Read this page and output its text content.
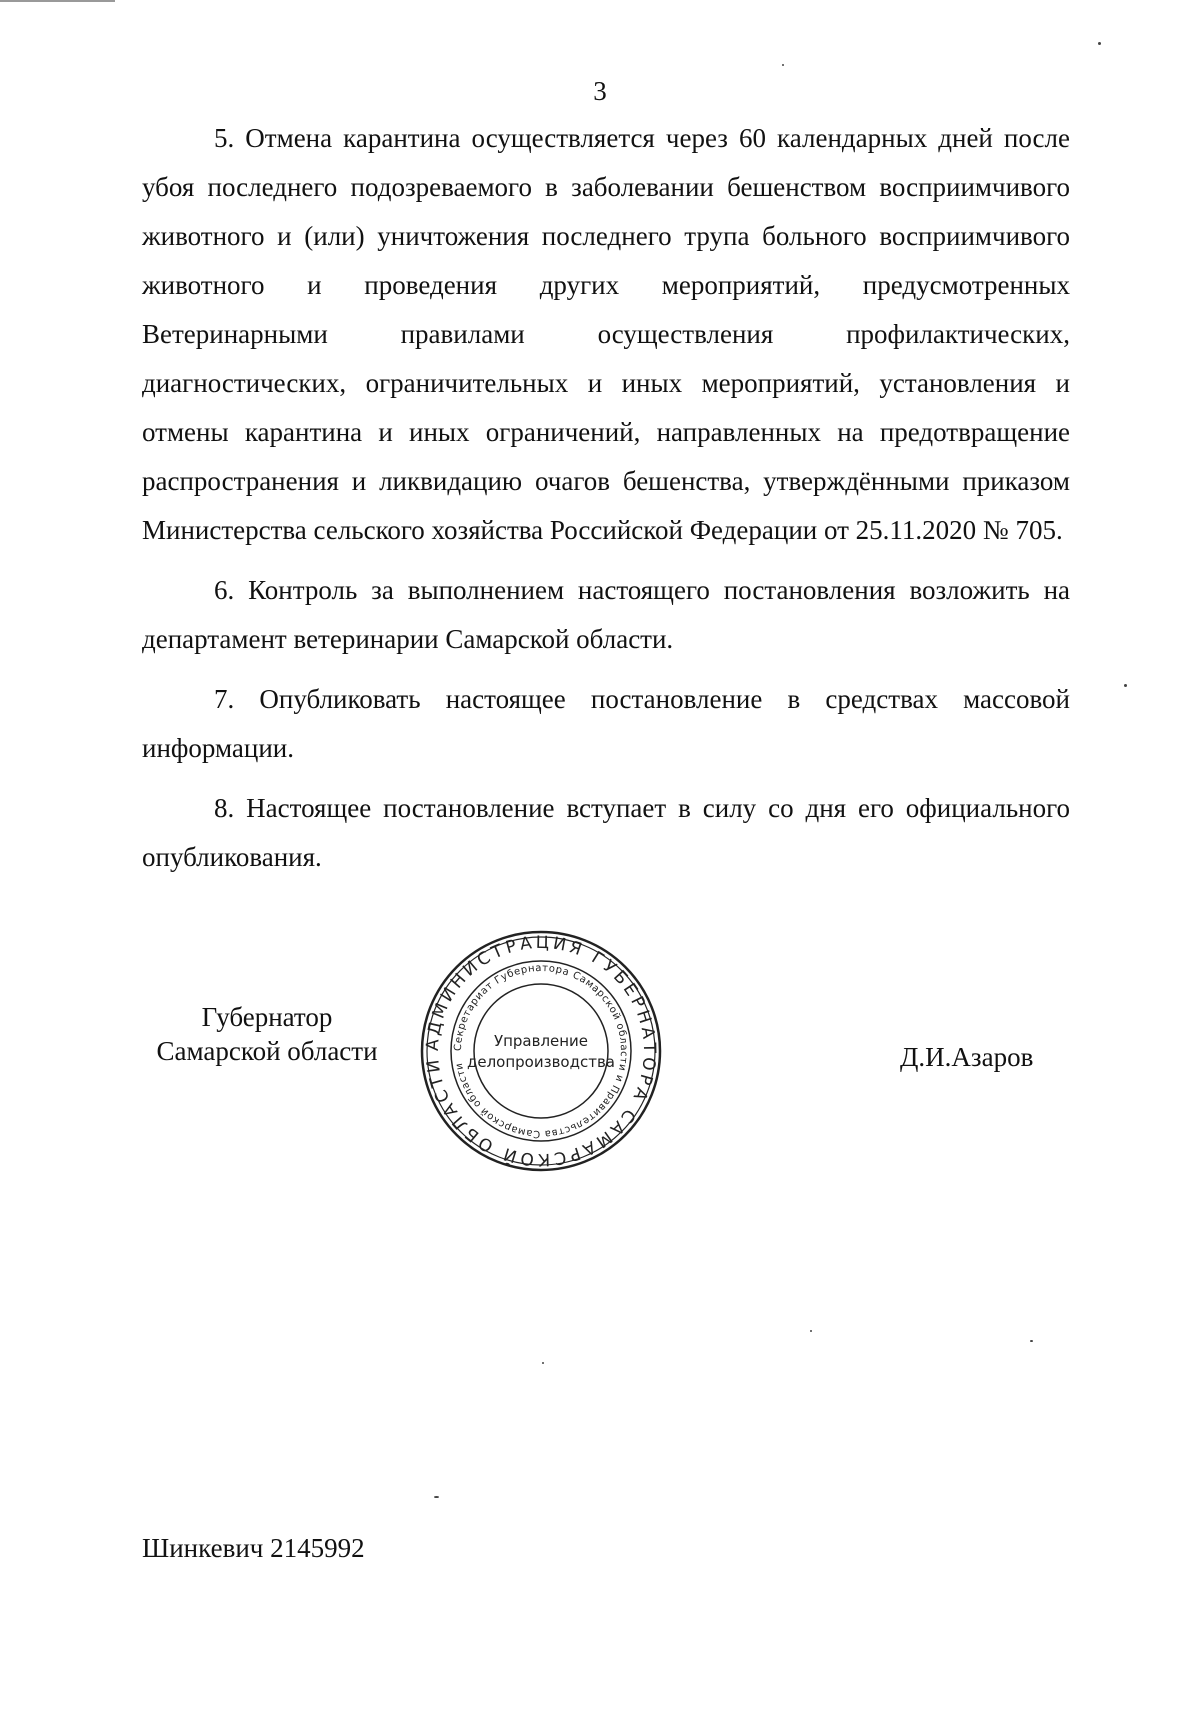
3

5. Отмена карантина осуществляется через 60 календарных дней после убоя последнего подозреваемого в заболевании бешенством восприимчивого животного и (или) уничтожения последнего трупа больного восприимчивого животного и проведения других мероприятий, предусмотренных Ветеринарными правилами осуществления профилактических, диагностических, ограничительных и иных мероприятий, установления и отмены карантина и иных ограничений, направленных на предотвращение распространения и ликвидацию очагов бешенства, утверждёнными приказом Министерства сельского хозяйства Российской Федерации от 25.11.2020 № 705.

6. Контроль за выполнением настоящего постановления возложить на департамент ветеринарии Самарской области.

7. Опубликовать настоящее постановление в средствах массовой информации.

8. Настоящее постановление вступает в силу со дня его официального опубликования.

Губернатор
Самарской области	АДМИНИСТРАЦИЯ ГУБЕРНАТОРА САМАРСКОЙ ОБЛАСТИ
Секретариат Губернатора Самарской области и Правительства Самарской области
Управление
делопроизводства	Д.И.Азаров
Шинкевич 2145992
